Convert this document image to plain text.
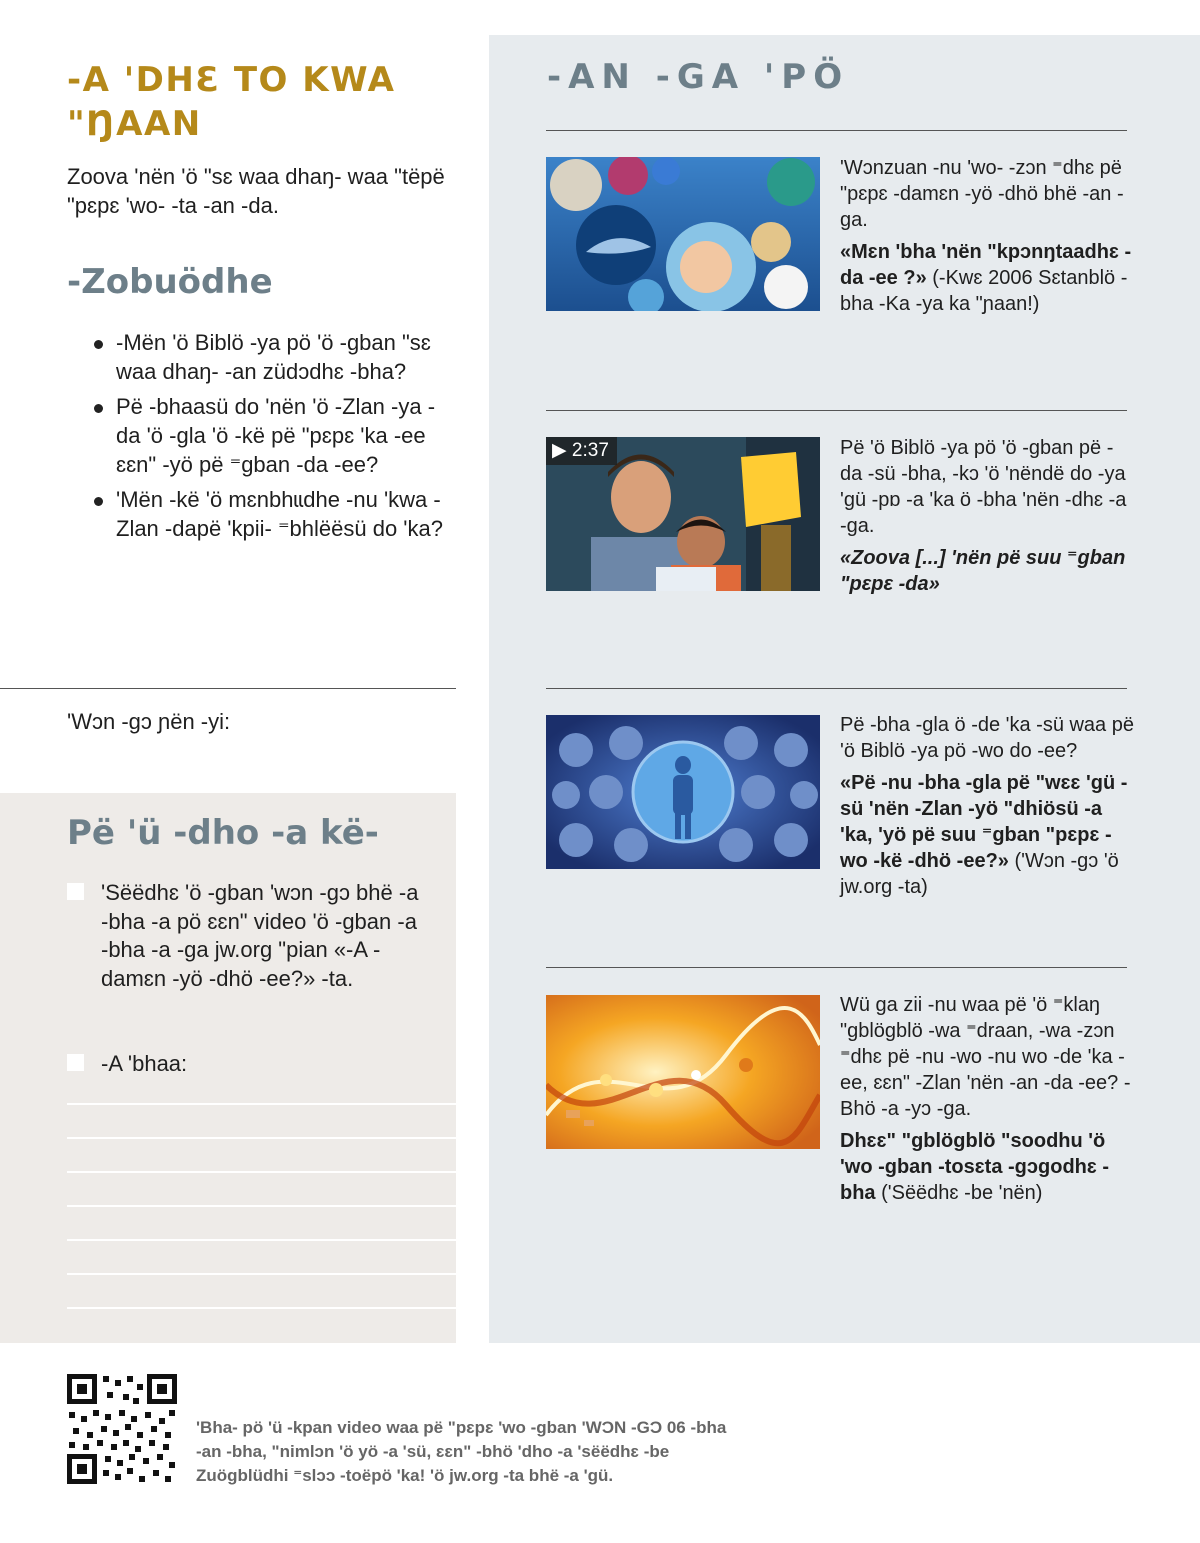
-A 'DHƐ TO KWA "ŊAAN

Zoova 'nën 'ö "sɛ waa dhaŋ- waa "tëpë "pɛpɛ 'wo- -ta -an -da.

-Zobuödhe
-Mën 'ö Biblö -ya pö 'ö -gban "sɛ waa dhaŋ- -an züdɔdhɛ -bha?
Pë -bhaasü do 'nën 'ö -Zlan -ya -da 'ö -gla 'ö -kë pë "pɛpɛ 'ka -ee ɛɛn" -yö pë ⁼gban -da -ee?
'Mën -kë 'ö mɛnbhɩɩdhe -nu 'kwa -Zlan -dapë 'kpii- ⁼bhlëësü do 'ka?
'Wɔn -gɔ ɲën -yi:
Pë 'ü -dho -a kë-
'Sëëdhɛ 'ö -gban 'wɔn -gɔ bhë -a -bha -a pö ɛɛn" video 'ö -gban -a -bha -a -ga jw.org "pian «-A -damɛn -yö -dhö -ee?» -ta.
-A 'bhaa:
-AN -GA 'PÖ

'Wɔnzuan -nu 'wo- -zɔn ⁼dhɛ pë "pɛpɛ -damɛn -yö -dhö bhë -an -ga.

«Mɛn 'bha 'nën "kpɔnŋtaadhɛ -da -ee ?» (-Kwɛ 2006 Sɛtanblö -bha -Ka -ya ka "ɲaan!)

▶ 2:37	Pë 'ö Biblö -ya pö 'ö -gban pë -da -sü -bha, -kɔ 'ö 'nëndë do -ya 'gü -pɒ -a 'ka ö -bha 'nën -dhɛ -a -ga.

«Zoova [...] 'nën pë suu ⁼gban "pɛpɛ -da»

Pë -bha -gla ö -de 'ka -sü waa pë 'ö Biblö -ya pö -wo do -ee?

«Pë -nu -bha -gla pë "wɛɛ 'gü -sü 'nën -Zlan -yö "dhiösü -a 'ka, 'yö pë suu ⁼gban "pɛpɛ -wo -kë -dhö -ee?» ('Wɔn -gɔ 'ö jw.org -ta)

Wü ga zii -nu waa pë 'ö ⁼klaŋ "gblögblö -wa ⁼draan, -wa -zɔn ⁼dhɛ pë -nu -wo -nu wo -de 'ka -ee, ɛɛn" -Zlan 'nën -an -da -ee? -Bhö -a -yɔ -ga.

Dhɛɛ" "gblögblö "soodhu 'ö 'wo -gban -tosɛta -gɔgodhɛ -bha ('Sëëdhɛ -be 'nën)

'Bha- pö 'ü -kpan video waa pë "pɛpɛ 'wo -gban 'WƆN -GƆ 06 -bha -an -bha, "nimlɔn 'ö yö -a 'sü, ɛɛn" -bhö 'dho -a 'sëëdhɛ -be Zuögblüdhi ⁼slɔɔ -toëpö 'ka! 'ö jw.org -ta bhë -a 'gü.
